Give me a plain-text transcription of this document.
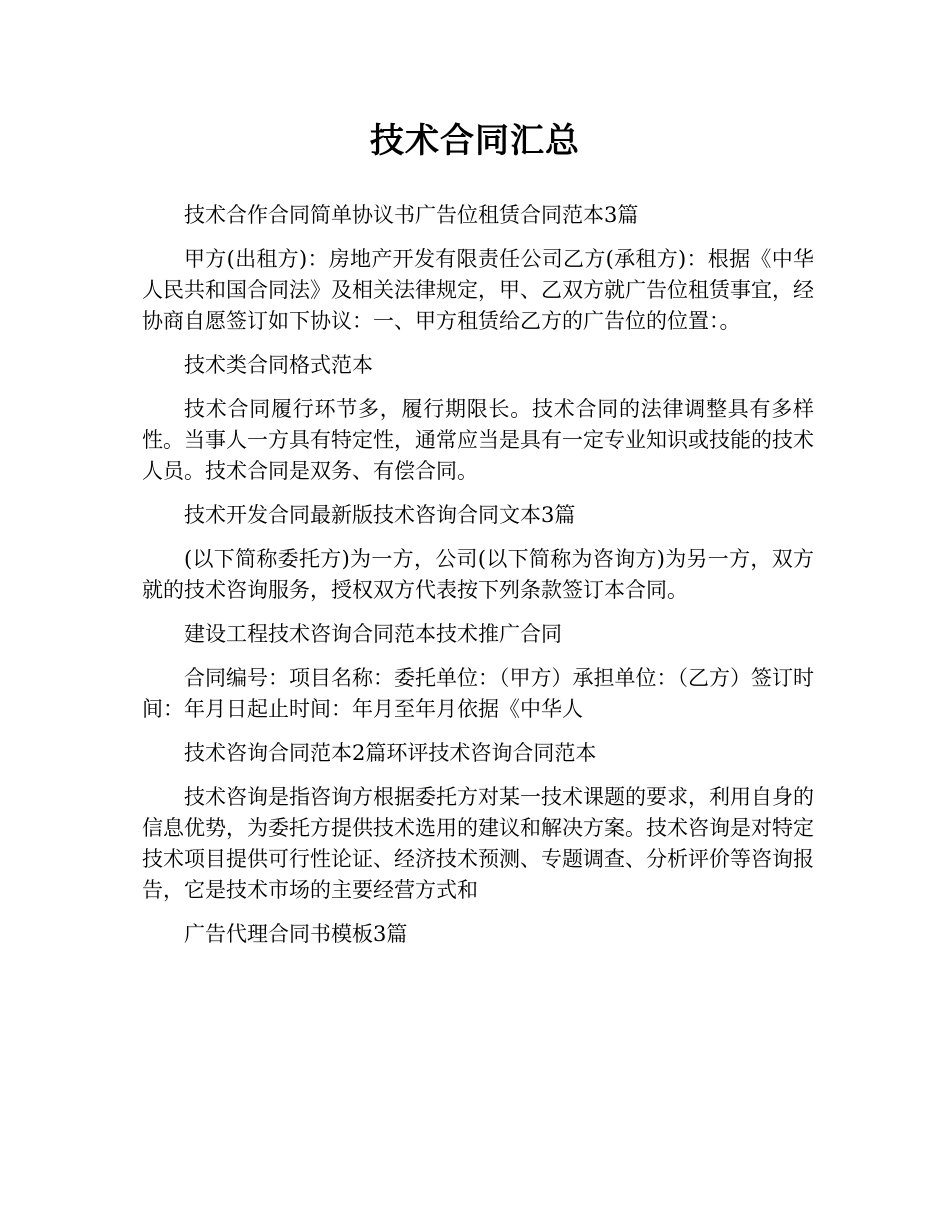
技术合同汇总

技术合作合同简单协议书广告位租赁合同范本3篇

甲方(出租方)：房地产开发有限责任公司乙方(承租方)：根据《中华人民共和国合同法》及相关法律规定，甲、乙双方就广告位租赁事宜，经协商自愿签订如下协议：一、甲方租赁给乙方的广告位的位置：。

技术类合同格式范本

技术合同履行环节多，履行期限长。技术合同的法律调整具有多样性。当事人一方具有特定性，通常应当是具有一定专业知识或技能的技术人员。技术合同是双务、有偿合同。

技术开发合同最新版技术咨询合同文本3篇

(以下简称委托方)为一方，公司(以下简称为咨询方)为另一方，双方就的技术咨询服务，授权双方代表按下列条款签订本合同。

建设工程技术咨询合同范本技术推广合同

合同编号：项目名称：委托单位：（甲方）承担单位：（乙方）签订时间：年月日起止时间：年月至年月依据《中华人

技术咨询合同范本2篇环评技术咨询合同范本

技术咨询是指咨询方根据委托方对某一技术课题的要求，利用自身的信息优势，为委托方提供技术选用的建议和解决方案。技术咨询是对特定技术项目提供可行性论证、经济技术预测、专题调查、分析评价等咨询报告，它是技术市场的主要经营方式和

广告代理合同书模板3篇
